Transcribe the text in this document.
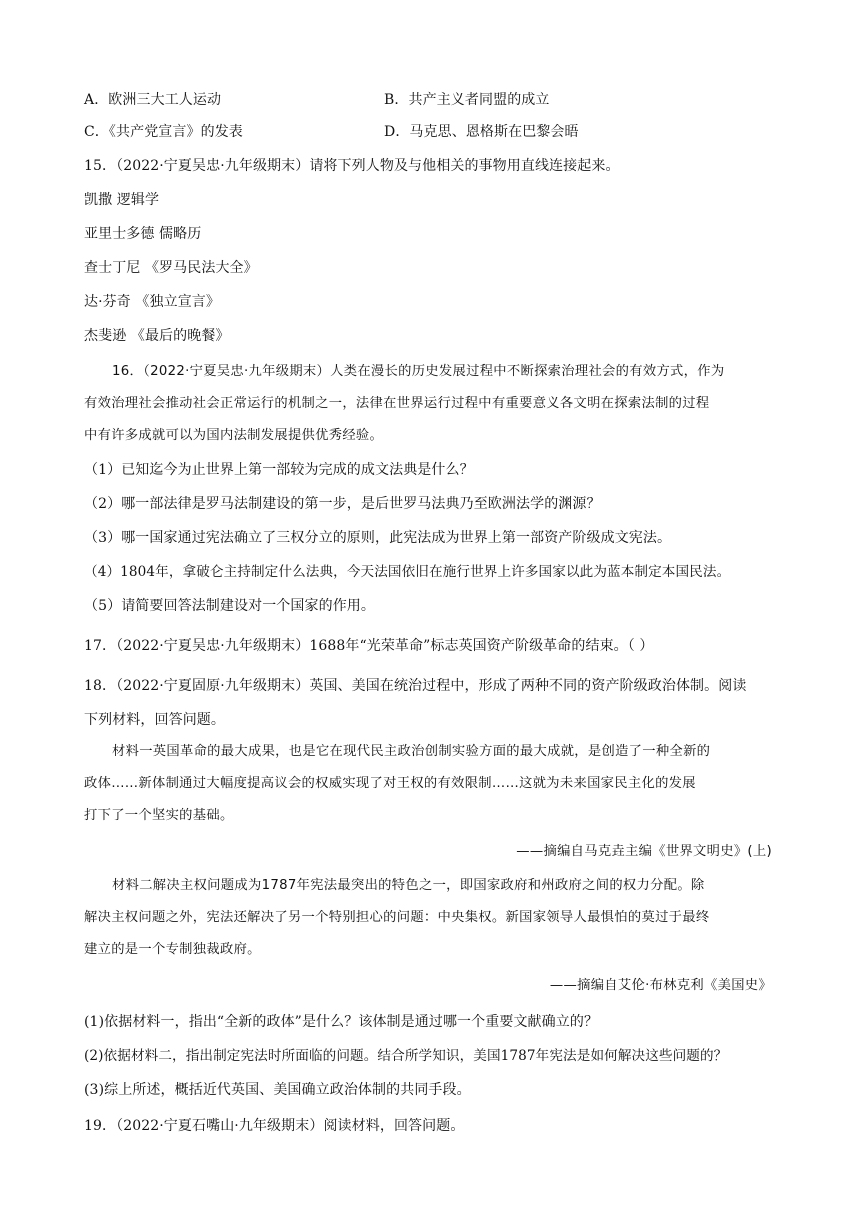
A．欧洲三大工人运动	B．共产主义者同盟的成立
C．《共产党宣言》的发表	D．马克思、恩格斯在巴黎会晤
15．（2022·宁夏吴忠·九年级期末）请将下列人物及与他相关的事物用直线连接起来。
凯撒 逻辑学
亚里士多德 儒略历
查士丁尼 《罗马民法大全》
达·芬奇 《独立宣言》
杰斐逊 《最后的晚餐》
16．（2022·宁夏吴忠·九年级期末）人类在漫长的历史发展过程中不断探索治理社会的有效方式，作为
有效治理社会推动社会正常运行的机制之一，法律在世界运行过程中有重要意义各文明在探索法制的过程
中有许多成就可以为国内法制发展提供优秀经验。
（1）已知迄今为止世界上第一部较为完成的成文法典是什么？
（2）哪一部法律是罗马法制建设的第一步，是后世罗马法典乃至欧洲法学的渊源？
（3）哪一国家通过宪法确立了三权分立的原则，此宪法成为世界上第一部资产阶级成文宪法。
（4）1804年，拿破仑主持制定什么法典，今天法国依旧在施行世界上许多国家以此为蓝本制定本国民法。
（5）请简要回答法制建设对一个国家的作用。
17．（2022·宁夏吴忠·九年级期末）1688年“光荣革命”标志英国资产阶级革命的结束。（ ）
18．（2022·宁夏固原·九年级期末）英国、美国在统治过程中，形成了两种不同的资产阶级政治体制。阅读
下列材料，回答问题。
材料一英国革命的最大成果，也是它在现代民主政治创制实验方面的最大成就，是创造了一种全新的
政体……新体制通过大幅度提高议会的权威实现了对王权的有效限制……这就为未来国家民主化的发展
打下了一个坚实的基础。
——摘编自马克垚主编《世界文明史》(上)
材料二解决主权问题成为1787年宪法最突出的特色之一，即国家政府和州政府之间的权力分配。除
解决主权问题之外，宪法还解决了另一个特别担心的问题：中央集权。新国家领导人最惧怕的莫过于最终
建立的是一个专制独裁政府。
——摘编自艾伦·布林克利《美国史》
(1)依据材料一，指出“全新的政体”是什么？该体制是通过哪一个重要文献确立的？
(2)依据材料二，指出制定宪法时所面临的问题。结合所学知识，美国1787年宪法是如何解决这些问题的？
(3)综上所述，概括近代英国、美国确立政治体制的共同手段。
19．（2022·宁夏石嘴山·九年级期末）阅读材料，回答问题。
